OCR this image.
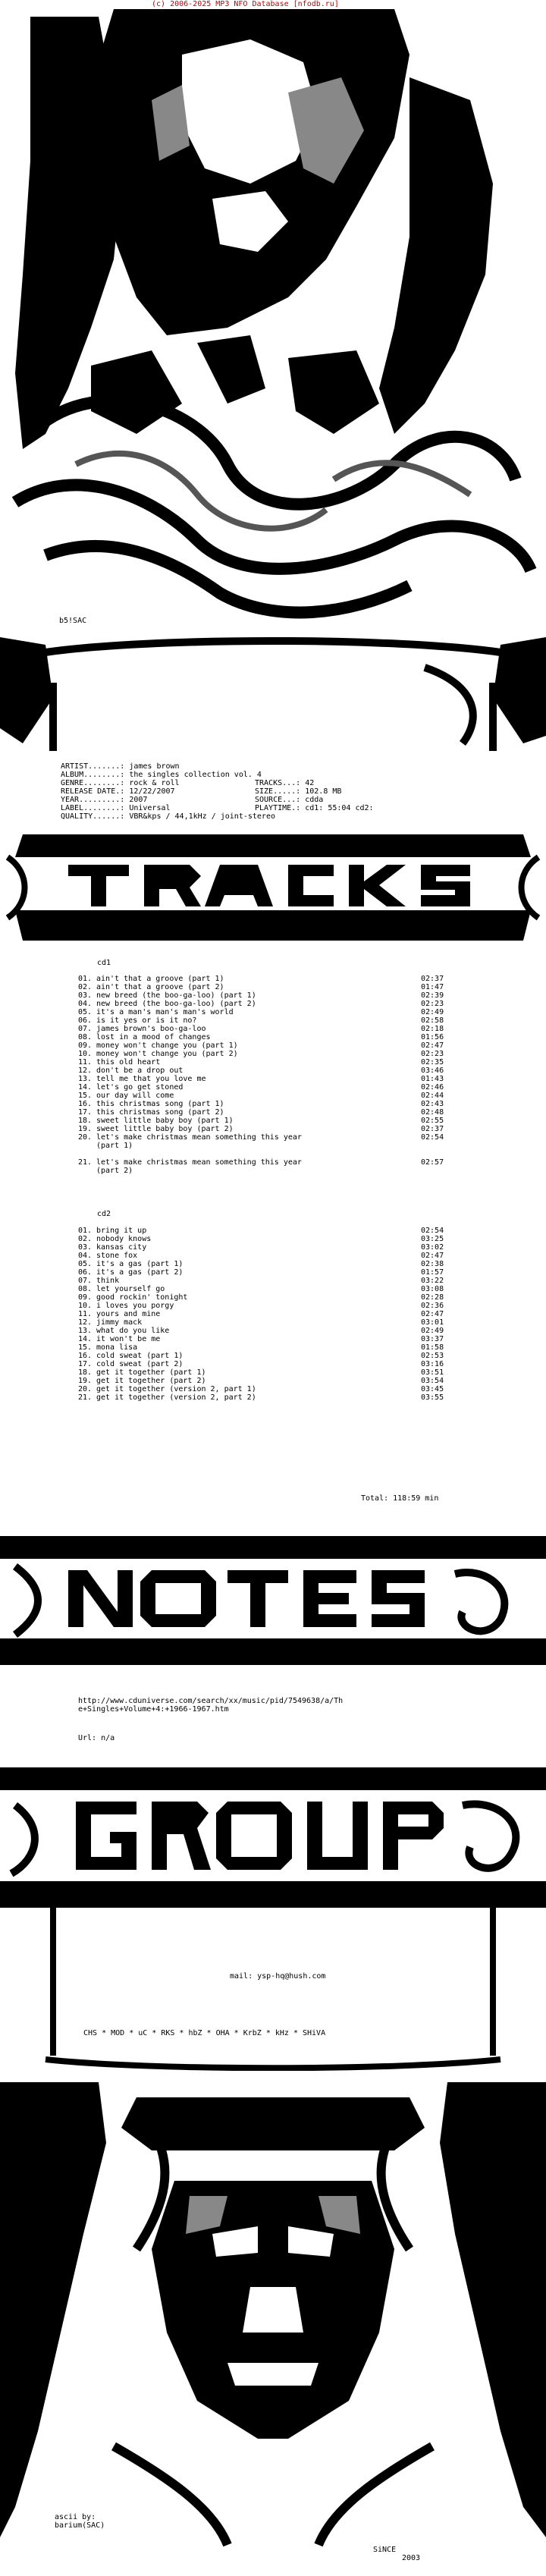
(c) 2006-2025 MP3 NFO Database [nfodb.ru]
b5!SAC
ARTIST.......: james brown
ALBUM........: the singles collection vol. 4
GENRE........: rock & roll	TRACKS...: 42
RELEASE DATE.: 12/22/2007	SIZE.....: 102.8 MB
YEAR.........: 2007	SOURCE...: cdda
LABEL........: Universal	PLAYTIME.: cd1: 55:04 cd2:
QUALITY......: VBR&kps / 44,1kHz / joint-stereo
cd1
01. ain't that a groove (part 1)	02:37
02. ain't that a groove (part 2)	01:47
03. new breed (the boo-ga-loo) (part 1)	02:39
04. new breed (the boo-ga-loo) (part 2)	02:23
05. it's a man's man's man's world	02:49
06. is it yes or is it no?	02:58
07. james brown's boo-ga-loo	02:18
08. lost in a mood of changes	01:56
09. money won't change you (part 1)	02:47
10. money won't change you (part 2)	02:23
11. this old heart	02:35
12. don't be a drop out	03:46
13. tell me that you love me	01:43
14. let's go get stoned	02:46
15. our day will come	02:44
16. this christmas song (part 1)	02:43
17. this christmas song (part 2)	02:48
18. sweet little baby boy (part 1)	02:55
19. sweet little baby boy (part 2)	02:37
20. let's make christmas mean something this year	02:54
(part 1)
21. let's make christmas mean something this year	02:57
(part 2)
cd2
01. bring it up	02:54
02. nobody knows	03:25
03. kansas city	03:02
04. stone fox	02:47
05. it's a gas (part 1)	02:38
06. it's a gas (part 2)	01:57
07. think	03:22
08. let yourself go	03:08
09. good rockin' tonight	02:28
10. i loves you porgy	02:36
11. yours and mine	02:47
12. jimmy mack	03:01
13. what do you like	02:49
14. it won't be me	03:37
15. mona lisa	01:58
16. cold sweat (part 1)	02:53
17. cold sweat (part 2)	03:16
18. get it together (part 1)	03:51
19. get it together (part 2)	03:54
20. get it together (version 2, part 1)	03:45
21. get it together (version 2, part 2)	03:55
Total: 118:59 min
http://www.cduniverse.com/search/xx/music/pid/7549638/a/Th
e+Singles+Volume+4:+1966-1967.htm
Url: n/a
mail: ysp-hq@hush.com
CHS * MOD * uC * RKS * hbZ * OHA * KrbZ * kHz * SHiVA
ascii by:
barium(SAC)
SiNCE
2003
